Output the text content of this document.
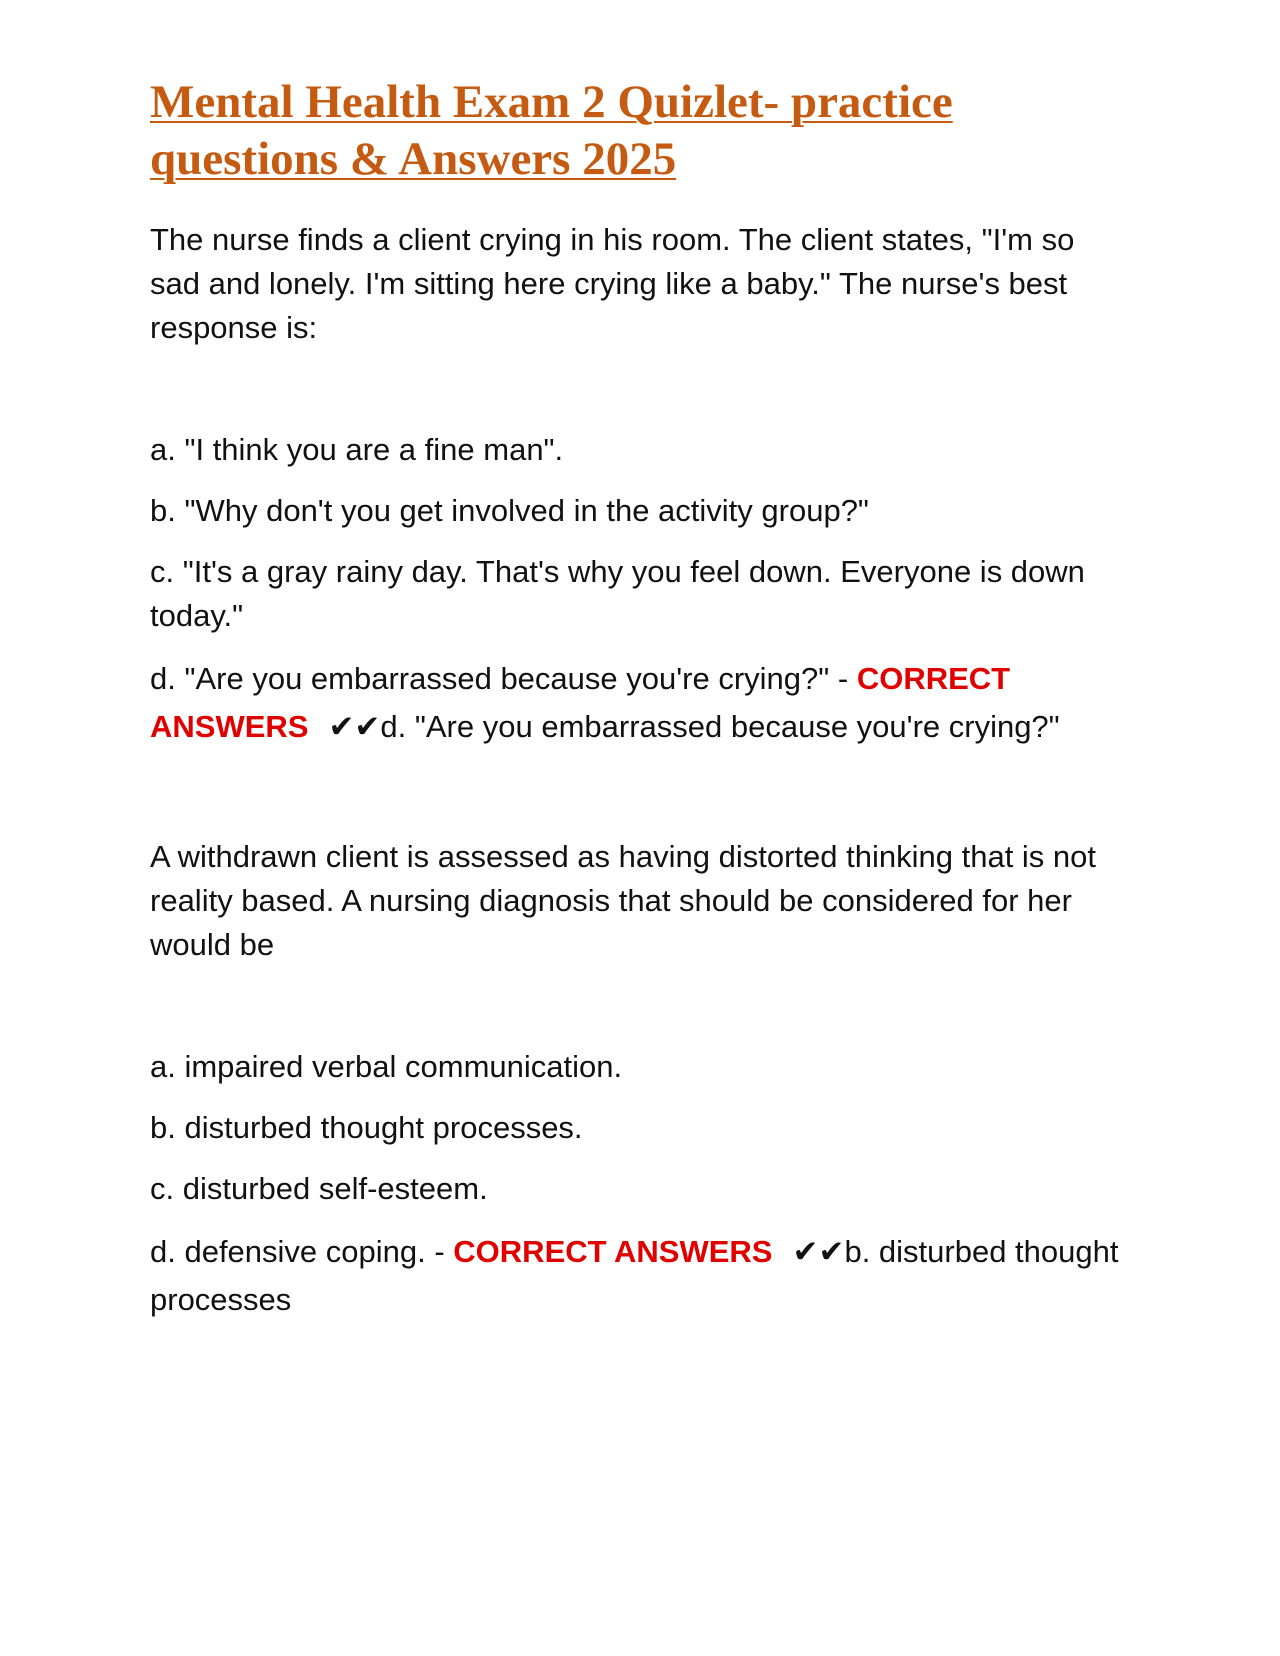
Mental Health Exam 2 Quizlet- practice questions & Answers 2025

The nurse finds a client crying in his room. The client states, "I'm so sad and lonely. I'm sitting here crying like a baby." The nurse's best response is:

a. "I think you are a fine man".

b. "Why don't you get involved in the activity group?"

c. "It's a gray rainy day. That's why you feel down. Everyone is down today."

d. "Are you embarrassed because you're crying?" - CORRECT ANSWERS ✔✔d. "Are you embarrassed because you're crying?"

A withdrawn client is assessed as having distorted thinking that is not reality based. A nursing diagnosis that should be considered for her would be

a. impaired verbal communication.

b. disturbed thought processes.

c. disturbed self-esteem.

d. defensive coping. - CORRECT ANSWERS ✔✔b. disturbed thought processes
